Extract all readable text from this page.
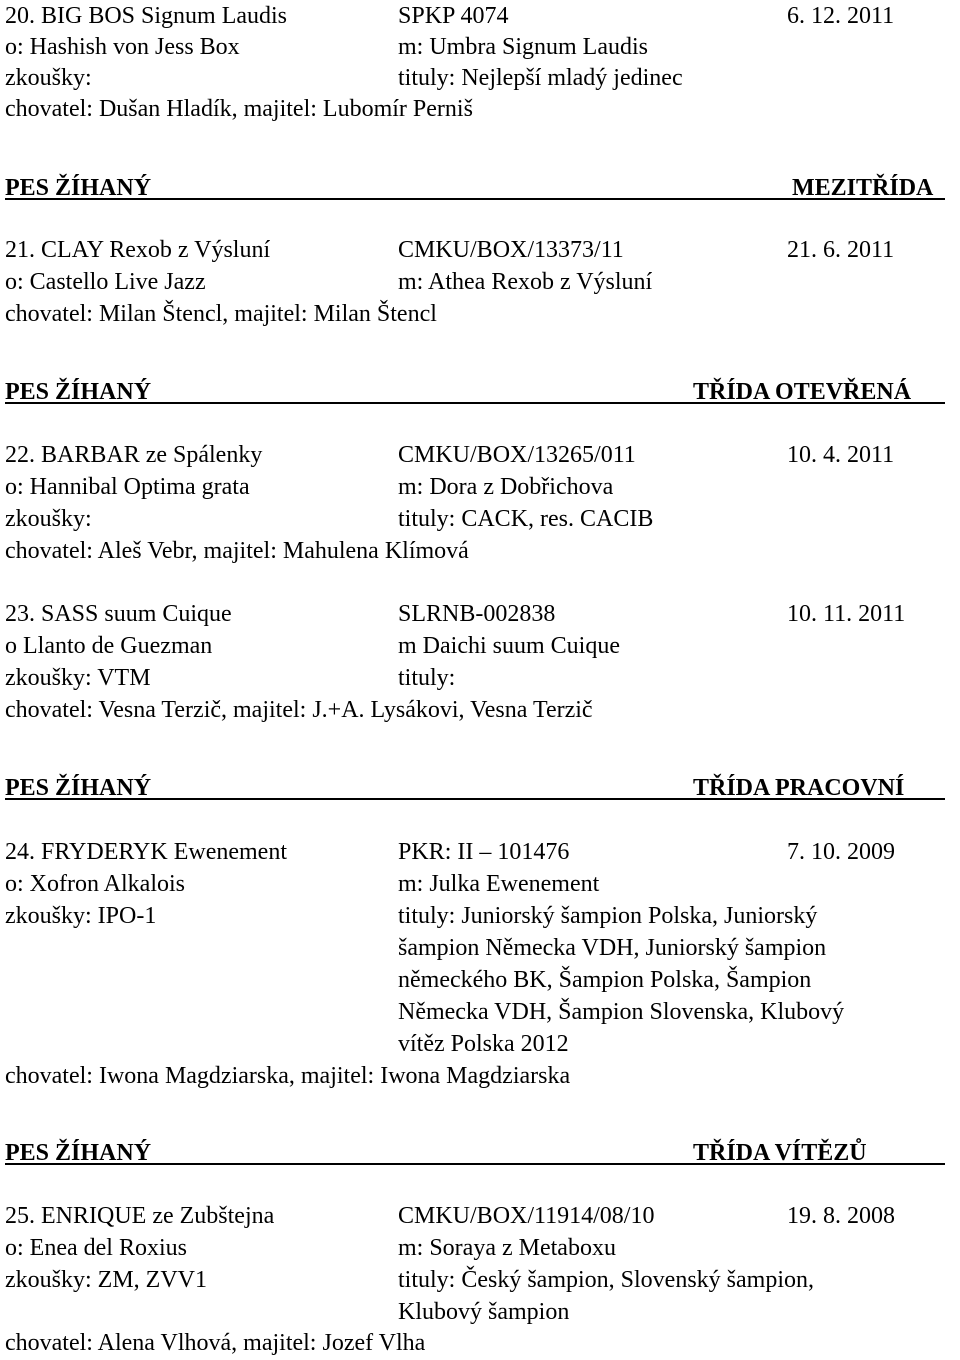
20. BIG BOS Signum Laudis	SPKP 4074	6. 12. 2011
o: Hashish von Jess Box	m: Umbra Signum Laudis
zkoušky:	tituly: Nejlepší mladý jedinec
chovatel: Dušan Hladík, majitel: Lubomír Perniš
PES ŽÍHANÝ	MEZITŘÍDA
21. CLAY Rexob z Výsluní	CMKU/BOX/13373/11	21. 6. 2011
o: Castello Live Jazz	m: Athea Rexob z Výsluní
chovatel: Milan Štencl, majitel: Milan Štencl
PES ŽÍHANÝ	TŘÍDA OTEVŘENÁ
22. BARBAR ze Spálenky	CMKU/BOX/13265/011	10. 4. 2011
o: Hannibal Optima grata	m: Dora z Dobřichova
zkoušky:	tituly: CACK, res. CACIB
chovatel: Aleš Vebr, majitel: Mahulena Klímová
23. SASS suum Cuique	SLRNB-002838	10. 11. 2011
o Llanto de Guezman	m Daichi suum Cuique
zkoušky: VTM	tituly:
chovatel: Vesna Terzič, majitel: J.+A. Lysákovi, Vesna Terzič
PES ŽÍHANÝ	TŘÍDA PRACOVNÍ
24. FRYDERYK Ewenement	PKR: II – 101476	7. 10. 2009
o: Xofron Alkalois	m: Julka Ewenement
zkoušky: IPO-1	tituly: Juniorský šampion Polska, Juniorský
šampion Německa VDH, Juniorský šampion
německého BK, Šampion Polska, Šampion
Německa VDH, Šampion Slovenska, Klubový
vítěz Polska 2012
chovatel: Iwona Magdziarska, majitel: Iwona Magdziarska
PES ŽÍHANÝ	TŘÍDA VÍTĚZŮ
25. ENRIQUE ze Zubštejna	CMKU/BOX/11914/08/10	19. 8. 2008
o: Enea del Roxius	m: Soraya z Metaboxu
zkoušky: ZM, ZVV1	tituly: Český šampion, Slovenský šampion,
Klubový šampion
chovatel: Alena Vlhová, majitel: Jozef Vlha
